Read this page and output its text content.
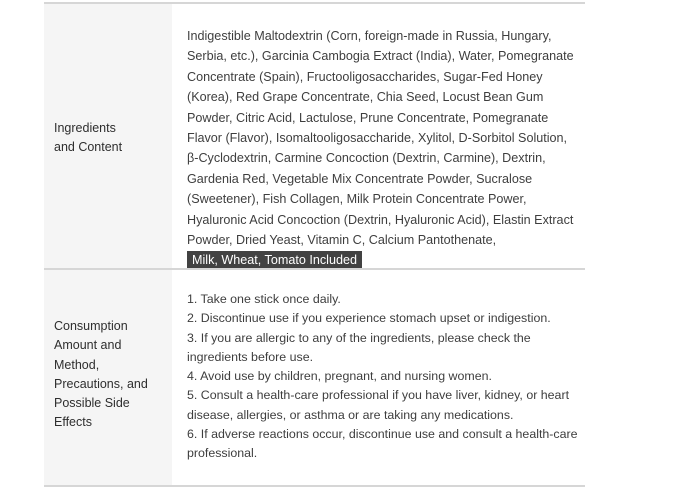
Ingredients
and Content
Indigestible Maltodextrin (Corn, foreign-made in Russia, Hungary, Serbia, etc.), Garcinia Cambogia Extract (India), Water, Pomegranate Concentrate (Spain), Fructooligosaccharides, Sugar-Fed Honey (Korea), Red Grape Concentrate, Chia Seed, Locust Bean Gum Powder, Citric Acid, Lactulose, Prune Concentrate, Pomegranate Flavor (Flavor), Isomaltooligosaccharide, Xylitol, D-Sorbitol Solution, β-Cyclodextrin, Carmine Concoction (Dextrin, Carmine), Dextrin, Gardenia Red, Vegetable Mix Concentrate Powder, Sucralose (Sweetener), Fish Collagen, Milk Protein Concentrate Power, Hyaluronic Acid Concoction (Dextrin, Hyaluronic Acid), Elastin Extract Powder, Dried Yeast, Vitamin C, Calcium Pantothenate,
Milk, Wheat, Tomato Included
Consumption
Amount and
Method,
Precautions, and
Possible Side
Effects
1. Take one stick once daily.
2. Discontinue use if you experience stomach upset or indigestion.
3. If you are allergic to any of the ingredients, please check the ingredients before use.
4. Avoid use by children, pregnant, and nursing women.
5. Consult a health-care professional if you have liver, kidney, or heart disease, allergies, or asthma or are taking any medications.
6. If adverse reactions occur, discontinue use and consult a health-care professional.
